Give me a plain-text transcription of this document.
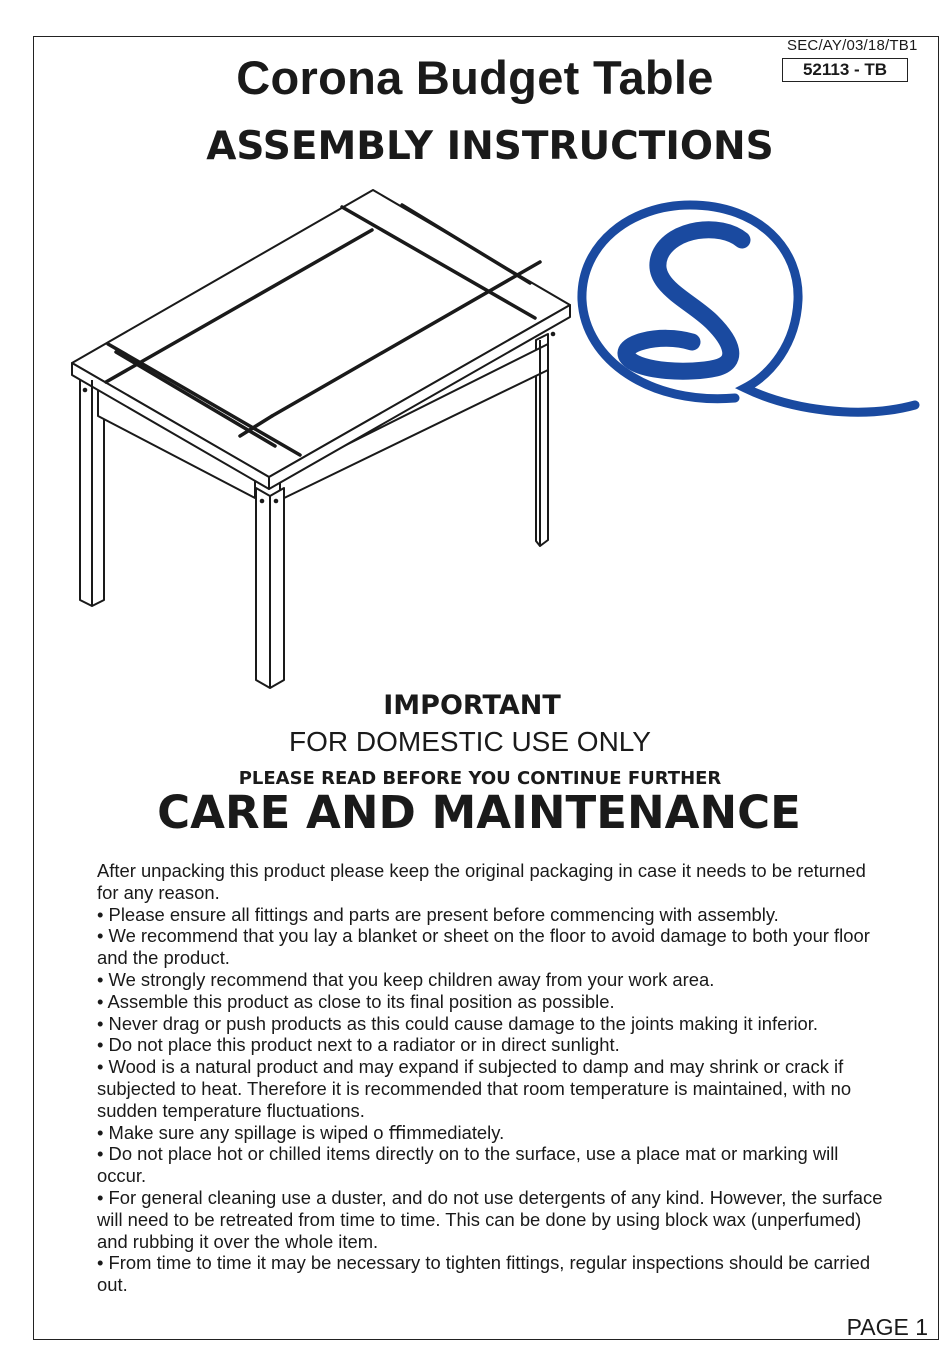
SEC/AY/03/18/TB1
52113 - TB
Corona Budget Table
ASSEMBLY INSTRUCTIONS
IMPORTANT
FOR DOMESTIC USE ONLY
PLEASE READ BEFORE YOU CONTINUE FURTHER
CARE AND MAINTENANCE

After unpacking this product please keep the original packaging in case it needs to be returned for any reason.

• Please ensure all fittings and parts are present before commencing with assembly.

• We recommend that you lay a blanket or sheet on the floor to avoid damage to both your floor and the product.

• We strongly recommend that you keep children away from your work area.

• Assemble this product as close to its final position as possible.

• Never drag or push products as this could cause damage to the joints making it inferior.

• Do not place this product next to a radiator or in direct sunlight.

• Wood is a natural product and may expand if subjected to damp and may shrink or crack if subjected to heat. Therefore it is recommended that room temperature is maintained, with no sudden temperature fluctuations.

• Make sure any spillage is wiped o ﬃmmediately.

• Do not place hot or chilled items directly on to the surface, use a place mat or marking will occur.

• For general cleaning use a duster, and do not use detergents of any kind. However, the surface will need to be retreated from time to time. This can be done by using block wax (unperfumed) and rubbing it over the whole item.

• From time to time it may be necessary to tighten fittings, regular inspections should be carried out.

PAGE 1
